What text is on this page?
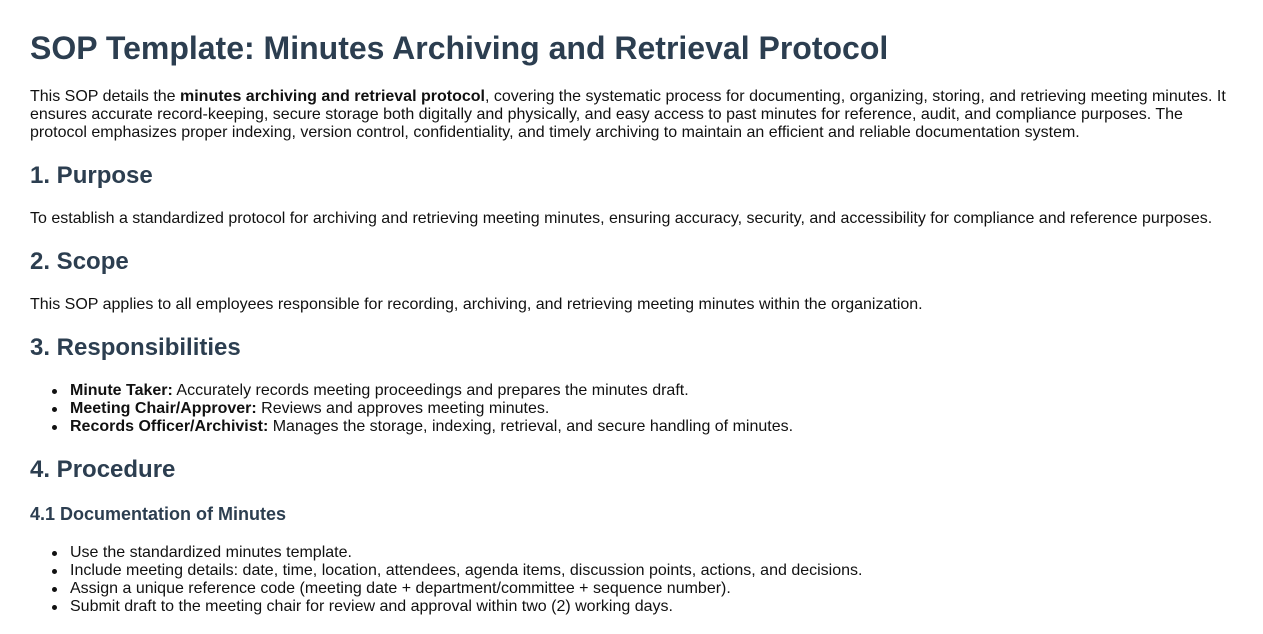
SOP Template: Minutes Archiving and Retrieval Protocol

This SOP details the minutes archiving and retrieval protocol, covering the systematic process for documenting, organizing, storing, and retrieving meeting minutes. It ensures accurate record-keeping, secure storage both digitally and physically, and easy access to past minutes for reference, audit, and compliance purposes. The protocol emphasizes proper indexing, version control, confidentiality, and timely archiving to maintain an efficient and reliable documentation system.

1. Purpose

To establish a standardized protocol for archiving and retrieving meeting minutes, ensuring accuracy, security, and accessibility for compliance and reference purposes.

2. Scope

This SOP applies to all employees responsible for recording, archiving, and retrieving meeting minutes within the organization.

3. Responsibilities
Minute Taker: Accurately records meeting proceedings and prepares the minutes draft.
Meeting Chair/Approver: Reviews and approves meeting minutes.
Records Officer/Archivist: Manages the storage, indexing, retrieval, and secure handling of minutes.
4. Procedure
4.1 Documentation of Minutes
Use the standardized minutes template.
Include meeting details: date, time, location, attendees, agenda items, discussion points, actions, and decisions.
Assign a unique reference code (meeting date + department/committee + sequence number).
Submit draft to the meeting chair for review and approval within two (2) working days.
